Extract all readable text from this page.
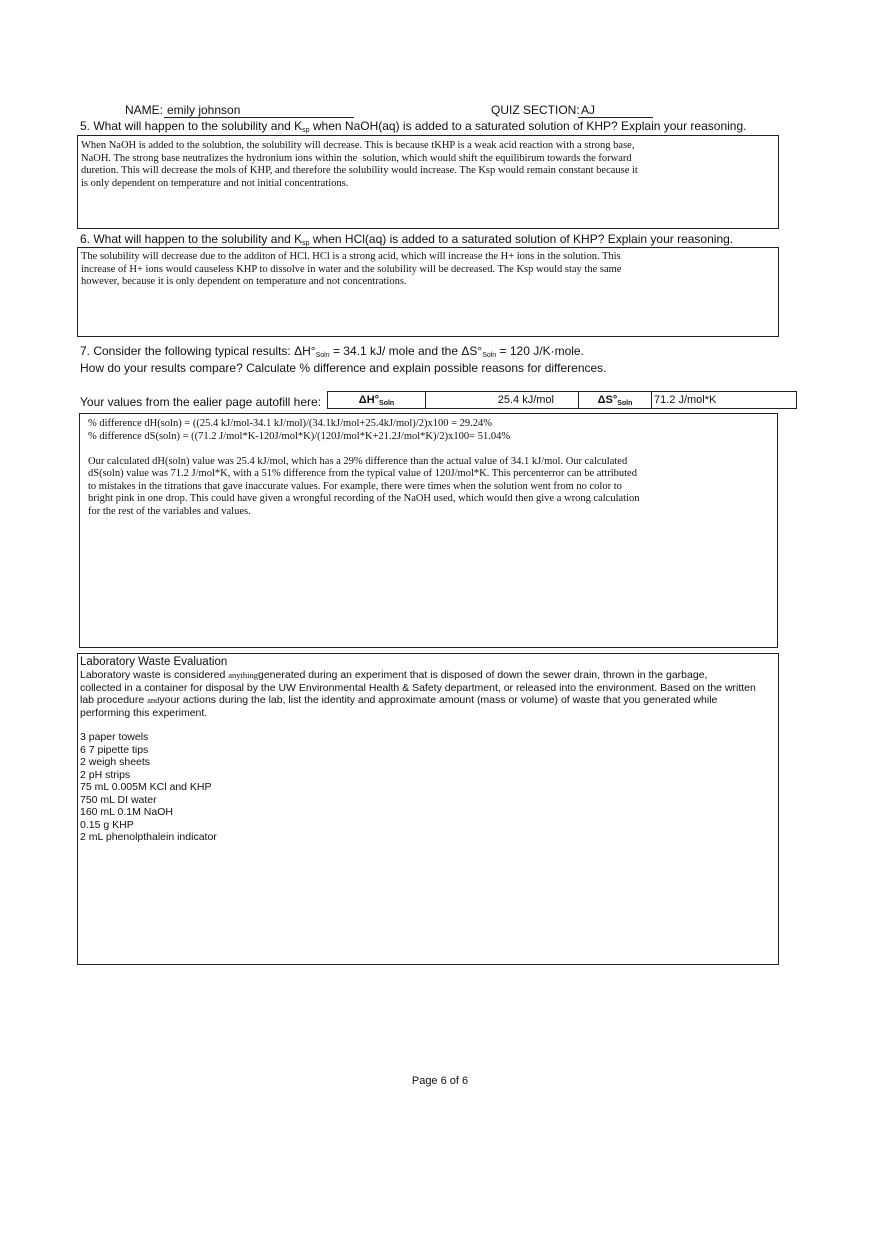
NAME: emily johnson	QUIZ SECTION: AJ
5. What will happen to the solubility and $K_{sp}$ when NaOH(aq) is added to a saturated solution of KHP? Explain your reasoning.
When NaOH is added to the solubtion, the solubility will decrease. This is because tKHP is a weak acid reaction with a strong base,
NaOH. The strong base neutralizes the hydronium ions within the  solution, which would shift the equilibirum towards the forward
duretion. This will decrease the mols of KHP, and therefore the solubility would increase. The Ksp would remain constant because it
is only dependent on temperature and not initial concentrations.
6. What will happen to the solubility and $K_{sp}$ when HCl(aq) is added to a saturated solution of KHP? Explain your reasoning.
The solubility will decrease due to the additon of HCl. HCl is a strong acid, which will increase the H+ ions in the solution. This
increase of H+ ions would causeless KHP to dissolve in water and the solubility will be decreased. The Ksp would stay the same
however, because it is only dependent on temperature and not concentrations.
7. Consider the following typical results: $\Delta H^\circ_{Soln} = 34.1$ kJ/ mole and the $\Delta S^\circ_{Soln} = 120$ J/K·mole.
How do your results compare? Calculate % difference and explain possible reasons for differences.
Your values from the ealier page autofill here:	$\Delta H^\circ_{Soln}$	25.4 kJ/mol	$\Delta S^\circ_{Soln}$	71.2 J/mol*K
% difference dH(soln) = ((25.4 kJ/mol-34.1 kJ/mol)/(34.1kJ/mol+25.4kJ/mol)/2)x100 = 29.24%
% difference dS(soln) = ((71.2 J/mol*K-120J/mol*K)/(120J/mol*K+21.2J/mol*K)/2)x100= 51.04%

Our calculated dH(soln) value was 25.4 kJ/mol, which has a 29% difference than the actual value of 34.1 kJ/mol. Our calculated
dS(soln) value was 71.2 J/mol*K, with a 51% difference from the typical value of 120J/mol*K. This percenterror can be attributed
to mistakes in the titrations that gave inaccurate values. For example, there were times when the solution went from no color to
bright pink in one drop. This could have given a wrongful recording of the NaOH used, which would then give a wrong calculation
for the rest of the variables and values.
Laboratory Waste Evaluation
Laboratory waste is considered anythinggenerated during an experiment that is disposed of down the sewer drain, thrown in the garbage,
collected in a container for disposal by the UW Environmental Health & Safety department, or released into the environment. Based on the written
lab procedure andyour actions during the lab, list the identity and approximate amount (mass or volume) of waste that you generated while
performing this experiment.
3 paper towels
6 7 pipette tips
2 weigh sheets
2 pH strips
75 mL 0.005M KCl and KHP
750 mL DI water
160 mL 0.1M NaOH
0.15 g KHP
2 mL phenolpthalein indicator
Page 6 of 6
